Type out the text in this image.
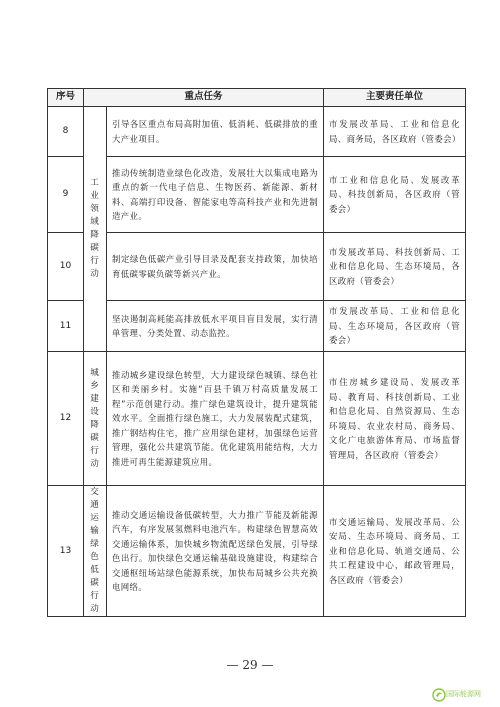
序号	重点任务		主要责任单位
8	工业领域降碳行动	引导各区重点布局高附加值、低消耗、低碳排放的重大产业项目。	市发展改革局、工业和信息化局、商务局，各区政府（管委会）
9		推动传统制造业绿色化改造，发展壮大以集成电路为重点的新一代电子信息、生物医药、新能源、新材料、高端打印设备、智能家电等高科技产业和先进制造产业。	市工业和信息化局、发展改革局、科技创新局，各区政府（管委会）
10		制定绿色低碳产业引导目录及配套支持政策，加快培育低碳零碳负碳等新兴产业。	市发展改革局、科技创新局、工业和信息化局、生态环境局，各区政府（管委会）
11		坚决遏制高耗能高排放低水平项目盲目发展，实行清单管理、分类处置、动态监控。	市发展改革局、工业和信息化局、生态环境局，各区政府（管委会）
12	城乡建设降碳行动	推动城乡建设绿色转型，大力建设绿色城镇、绿色社区和美丽乡村。实施“百县千镇万村高质量发展工程”示范创建行动。推广绿色建筑设计，提升建筑能效水平。全面推行绿色施工，大力发展装配式建筑，推广钢结构住宅，推广应用绿色建材，加强绿色运营管理，强化公共建筑节能。优化建筑用能结构，大力推进可再生能源建筑应用。	市住房城乡建设局、发展改革局、教育局、科技创新局、工业和信息化局、自然资源局、生态环境局、农业农村局、商务局、文化广电旅游体育局、市场监督管理局，各区政府（管委会）
13	交通运输绿色低碳行动	推动交通运输设备低碳转型，大力推广节能及新能源汽车，有序发展氢燃料电池汽车。构建绿色智慧高效交通运输体系，加快城乡物流配送绿色发展，引导绿色出行。加快绿色交通运输基础设施建设，构建综合交通枢纽场站绿色能源系统，加快布局城乡公共充换电网络。	市交通运输局、发展改革局、公安局、生态环境局、商务局、工业和信息化局、轨道交通局、公共工程建设中心，邮政管理局，各区政府（管委会）
— 29 —
国际能源网
